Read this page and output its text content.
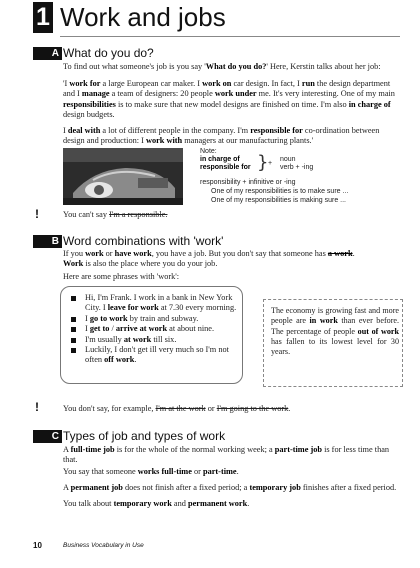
1 Work and jobs
A What do you do?

To find out what someone's job is you say 'What do you do?' Here, Kerstin talks about her job:

'I work for a large European car maker. I work on car design. In fact, I run the design department and I manage a team of designers: 20 people work under me. It's very interesting. One of my main responsibilities is to make sure that new model designs are finished on time. I'm also in charge of design budgets.

I deal with a lot of different people in the company. I'm responsible for co-ordination between design and production: I work with managers at our manufacturing plants.'

Note:
in charge of
responsible for } +
noun
verb + -ing
responsibility + infinitive or -ing
One of my responsibilities is to make sure ...
One of my responsibilities is making sure ...
!	You can't say I'm a responsible.

B Word combinations with 'work'

If you work or have work, you have a job. But you don't say that someone has a work.

Work is also the place where you do your job.

Here are some phrases with 'work':

Hi, I'm Frank. I work in a bank in New York City. I leave for work at 7.30 every morning.
I go to work by train and subway.
I get to / arrive at work at about nine.
I'm usually at work till six.
Luckily, I don't get ill very much so I'm not often off work.

The economy is growing fast and more people are in work than ever before. The percentage of people out of work has fallen to its lowest level for 30 years.

!	You don't say, for example, I'm at the work or I'm going to the work.

C Types of job and types of work

A full-time job is for the whole of the normal working week; a part-time job is for less time than that.

You say that someone works full-time or part-time.

A permanent job does not finish after a fixed period; a temporary job finishes after a fixed period.

You talk about temporary work and permanent work.

10	Business Vocabulary in Use
